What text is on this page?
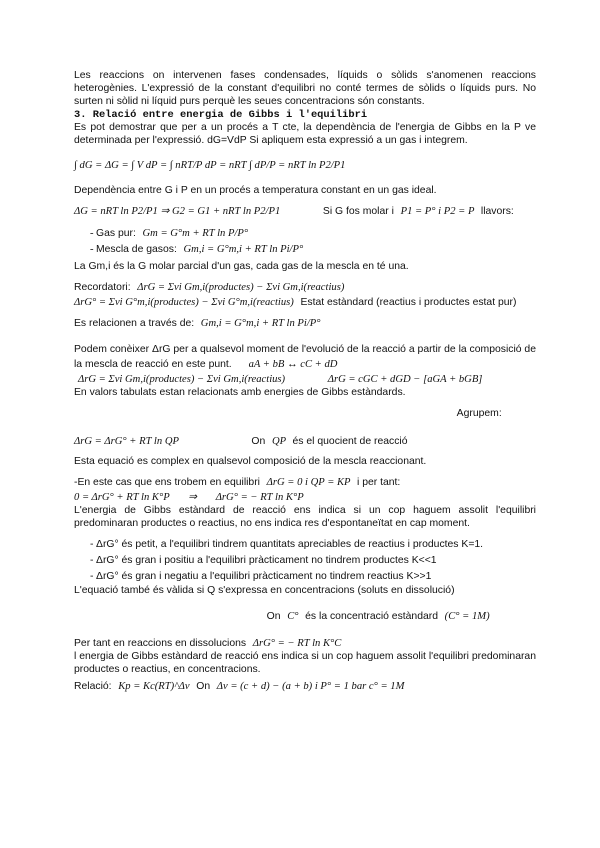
Les reaccions on intervenen fases condensades, líquids o sòlids s'anomenen reaccions heterogènies. L'expressió de la constant d'equilibri no conté termes de sòlids o líquids purs. No surten ni sòlid ni líquid purs perquè les seues concentracions són constants.

3. Relació entre energia de Gibbs i l'equilibri

Es pot demostrar que per a un procés a T cte, la dependència de l'energia de Gibbs en la P ve determinada per l'expressió. dG=VdP Si apliquem esta expressió a un gas i integrem.

∫ dG = ΔG = ∫ V dP = ∫ nRT/P dP = nRT ∫ dP/P = nRT ln P2/P1

Dependència entre G i P en un procés a temperatura constant en un gas ideal.

ΔG = nRT ln P2/P1 ⇒ G2 = G1 + nRT ln P2/P1	Si G fos molar i P1 = P° i P2 = P llavors:

- Gas pur: Gm = G°m + RT ln P/P°

- Mescla de gasos: Gm,i = G°m,i + RT ln Pi/P°

La Gm,i és la G molar parcial d'un gas, cada gas de la mescla en té una.

Recordatori: ΔrG = Σνi Gm,i(productes) − Σνi Gm,i(reactius)

ΔrG° = Σνi G°m,i(productes) − Σνi G°m,i(reactius) Estat estàndard (reactius i productes estat pur)

Es relacionen a través de: Gm,i = G°m,i + RT ln Pi/P°

Podem conèixer ΔrG per a qualsevol moment de l'evolució de la reacció a partir de la composició de la mescla de reacció en este punt. aA + bB ↔ cC + dD

ΔrG = Σνi Gm,i(productes) − Σνi Gm,i(reactius)	ΔrG = cGC + dGD − [aGA + bGB]

En valors tabulats estan relacionats amb energies de Gibbs estàndards.

Agrupem:

ΔrG = ΔrG° + RT ln QP	On QP és el quocient de reacció

Esta equació es complex en qualsevol composició de la mescla reaccionant.

-En este cas que ens trobem en equilibri ΔrG = 0 i QP = KP i per tant:

0 = ΔrG° + RT ln K°P ⇒ ΔrG° = − RT ln K°P

L'energia de Gibbs estàndard de reacció ens indica si un cop haguem assolit l'equilibri predominaran productes o reactius, no ens indica res d'espontaneïtat en cap moment.

- ΔrG° és petit, a l'equilibri tindrem quantitats apreciables de reactius i productes K=1.

- ΔrG° és gran i positiu a l'equilibri pràcticament no tindrem productes K<<1

- ΔrG° és gran i negatiu a l'equilibri pràcticament no tindrem reactius K>>1

L'equació també és vàlida si Q s'expressa en concentracions (soluts en dissolució)

On C° és la concentració estàndard (C° = 1M)

Per tant en reaccions en dissolucions ΔrG° = − RT ln K°C

l energia de Gibbs estàndard de reacció ens indica si un cop haguem assolit l'equilibri predominaran productes o reactius, en concentracions.

Relació: Kp = Kc(RT)^Δν On Δν = (c + d) − (a + b) i P° = 1 bar c° = 1M
